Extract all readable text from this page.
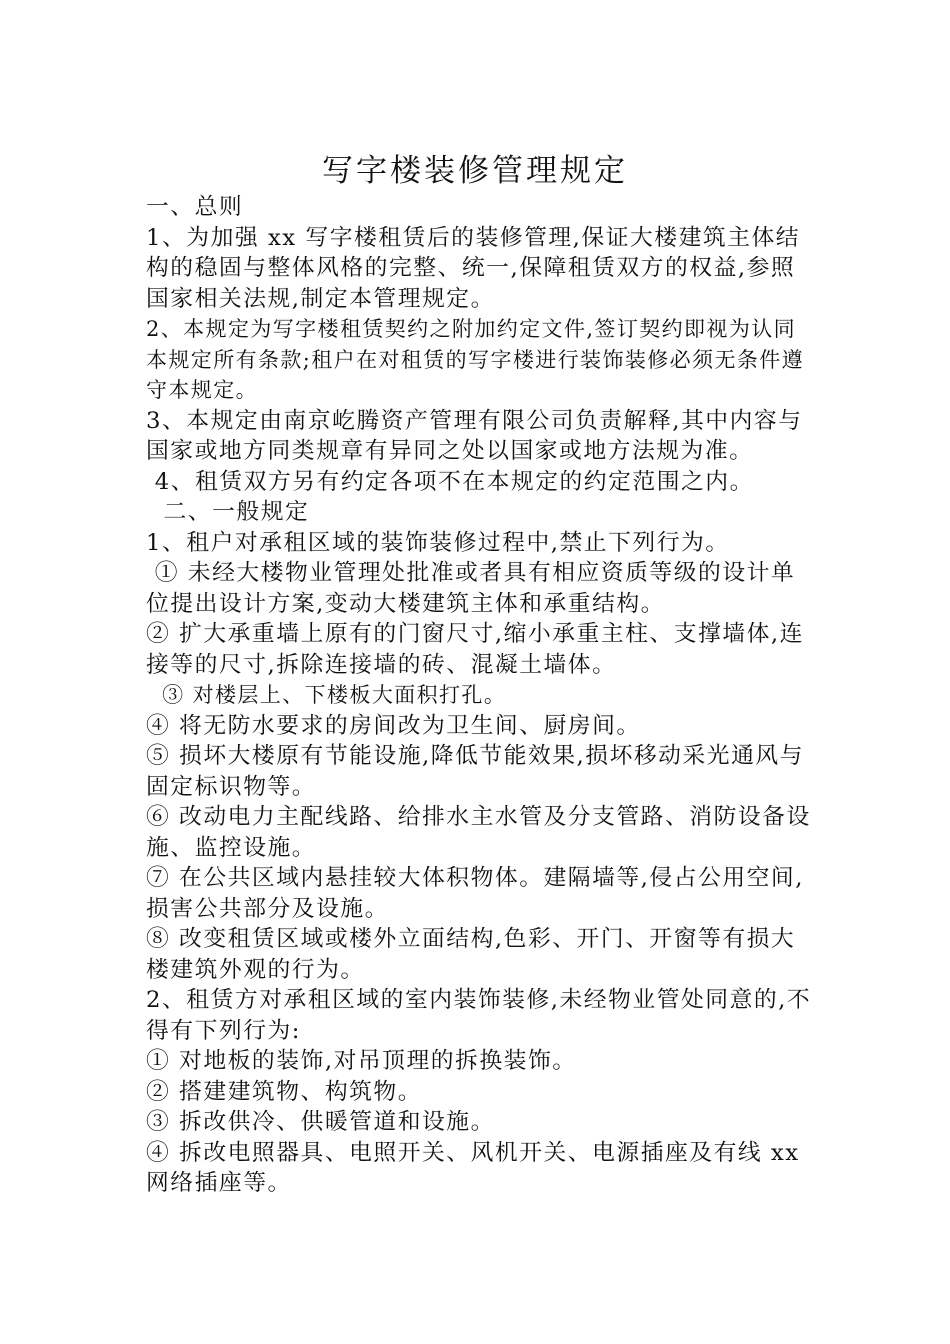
写字楼装修管理规定

一、总则

1、为加强 xx 写字楼租赁后的装修管理,保证大楼建筑主体结构的稳固与整体风格的完整、统一,保障租赁双方的权益,参照国家相关法规,制定本管理规定。

2、本规定为写字楼租赁契约之附加约定文件,签订契约即视为认同本规定所有条款;租户在对租赁的写字楼进行装饰装修必须无条件遵守本规定。

3、本规定由南京屹腾资产管理有限公司负责解释,其中内容与国家或地方同类规章有异同之处以国家或地方法规为准。

4、租赁双方另有约定各项不在本规定的约定范围之内。

二、一般规定

1、租户对承租区域的装饰装修过程中,禁止下列行为。

① 未经大楼物业管理处批准或者具有相应资质等级的设计单位提出设计方案,变动大楼建筑主体和承重结构。

② 扩大承重墙上原有的门窗尺寸,缩小承重主柱、支撑墙体,连接等的尺寸,拆除连接墙的砖、混凝土墙体。

③ 对楼层上、下楼板大面积打孔。

④ 将无防水要求的房间改为卫生间、厨房间。

⑤ 损坏大楼原有节能设施,降低节能效果,损坏移动采光通风与固定标识物等。

⑥ 改动电力主配线路、给排水主水管及分支管路、消防设备设施、监控设施。

⑦ 在公共区域内悬挂较大体积物体。建隔墙等,侵占公用空间,损害公共部分及设施。

⑧ 改变租赁区域或楼外立面结构,色彩、开门、开窗等有损大楼建筑外观的行为。

2、租赁方对承租区域的室内装饰装修,未经物业管处同意的,不得有下列行为:

① 对地板的装饰,对吊顶理的拆换装饰。

② 搭建建筑物、构筑物。

③ 拆改供冷、供暖管道和设施。

④ 拆改电照器具、电照开关、风机开关、电源插座及有线 xx 网络插座等。
